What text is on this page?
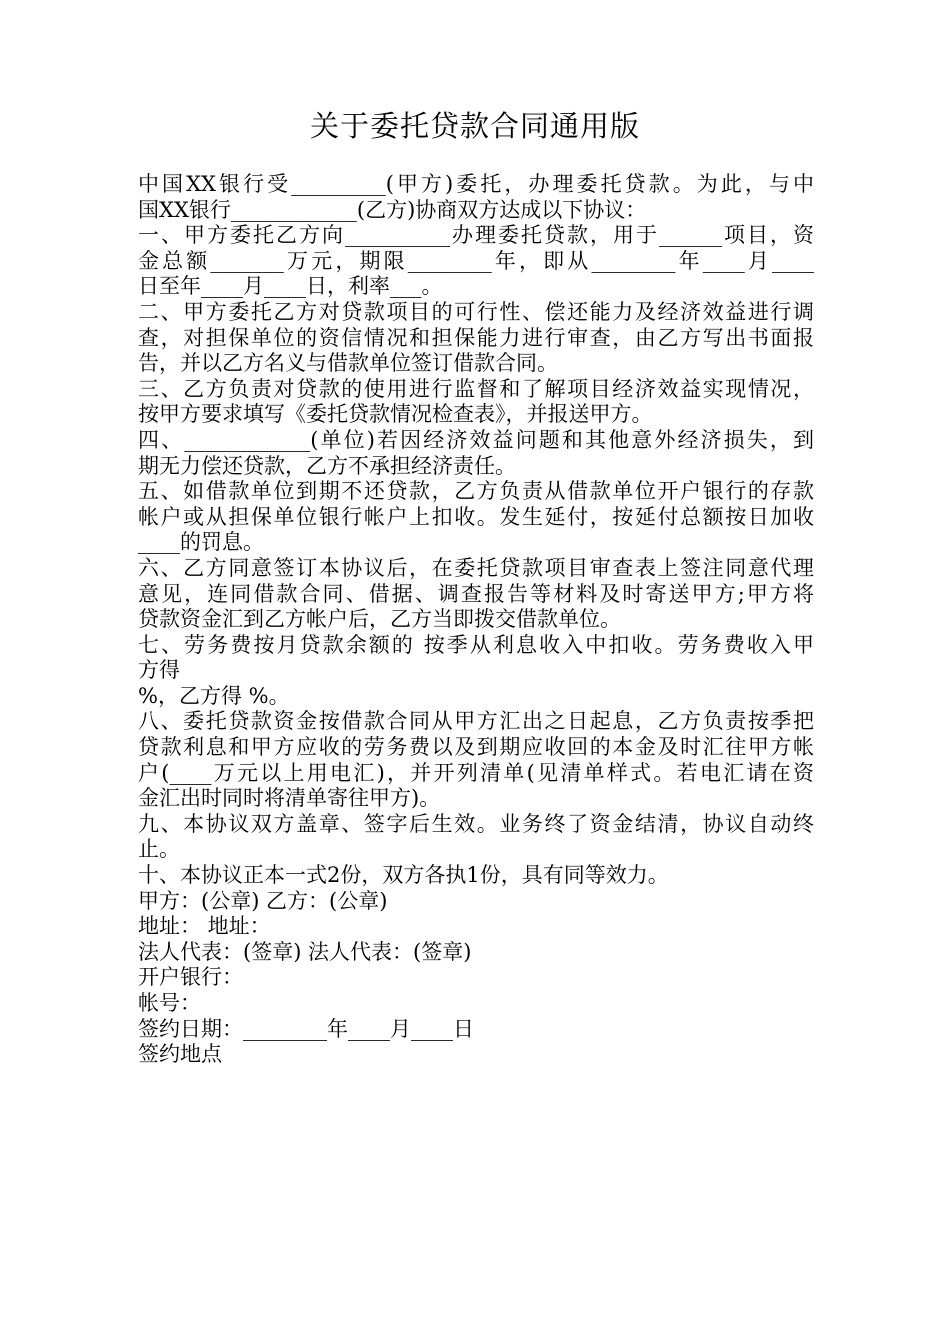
关于委托贷款合同通用版
中国XX银行受_________(甲方)委托，办理委托贷款。为此，与中
国XX银行____________(乙方)协商双方达成以下协议：
一、甲方委托乙方向__________办理委托贷款，用于______项目，资
金总额_______万元，期限________年，即从________年____月____
日至年____月____日，利率___。
二、甲方委托乙方对贷款项目的可行性、偿还能力及经济效益进行调
查，对担保单位的资信情况和担保能力进行审查，由乙方写出书面报
告，并以乙方名义与借款单位签订借款合同。
三、乙方负责对贷款的使用进行监督和了解项目经济效益实现情况，
按甲方要求填写《委托贷款情况检查表》，并报送甲方。
四、____________(单位)若因经济效益问题和其他意外经济损失，到
期无力偿还贷款，乙方不承担经济责任。
五、如借款单位到期不还贷款，乙方负责从借款单位开户银行的存款
帐户或从担保单位银行帐户上扣收。发生延付，按延付总额按日加收
____的罚息。
六、乙方同意签订本协议后，在委托贷款项目审查表上签注同意代理
意见，连同借款合同、借据、调查报告等材料及时寄送甲方;甲方将
贷款资金汇到乙方帐户后，乙方当即拨交借款单位。
七、劳务费按月贷款余额的 按季从利息收入中扣收。劳务费收入甲
方得
%，乙方得 %。
八、委托贷款资金按借款合同从甲方汇出之日起息，乙方负责按季把
贷款利息和甲方应收的劳务费以及到期应收回的本金及时汇往甲方帐
户(____万元以上用电汇)，并开列清单(见清单样式。若电汇请在资
金汇出时同时将清单寄往甲方)。
九、本协议双方盖章、签字后生效。业务终了资金结清，协议自动终
止。
十、本协议正本一式2份，双方各执1份，具有同等效力。
甲方：(公章) 乙方：(公章)
地址： 地址：
法人代表：(签章) 法人代表：(签章)
开户银行：
帐号：
签约日期：________年____月____日
签约地点
